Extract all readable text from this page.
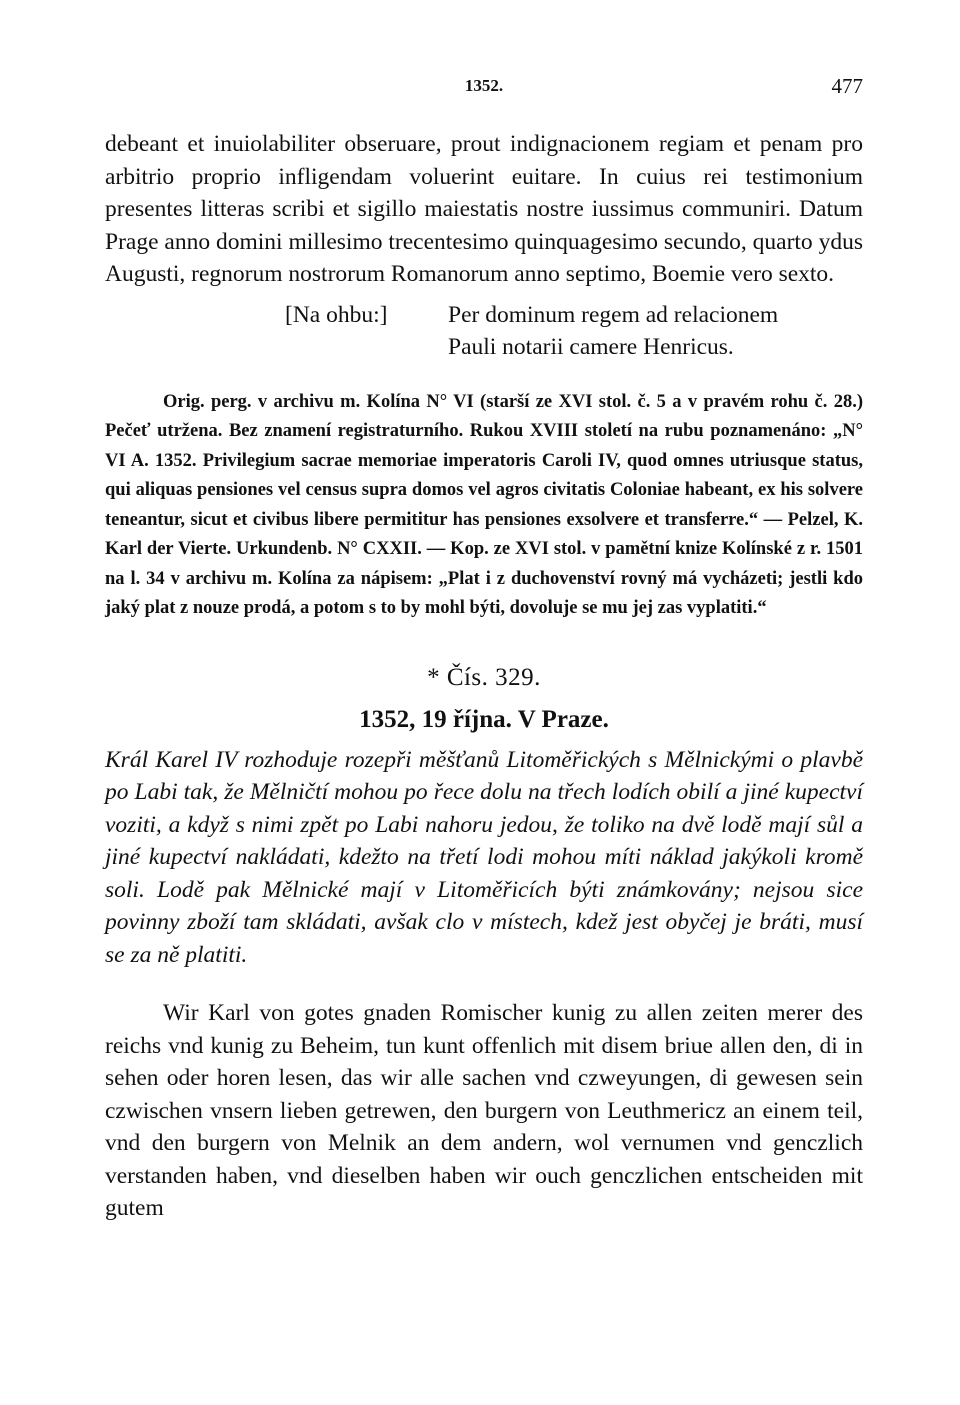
1352.	477

debeant et inuiolabiliter obseruare, prout indignacionem regiam et penam pro arbitrio proprio infligendam voluerint euitare. In cuius rei testimonium presentes litteras scribi et sigillo maiestatis nostre iussimus communiri. Datum Prage anno domini millesimo trecentesimo quinquagesimo secundo, quarto ydus Augusti, regnorum nostrorum Romanorum anno septimo, Boemie vero sexto.

[Na ohbu:]	Per dominum regem ad relacionem
Pauli notarii camere Henricus.

Orig. perg. v archivu m. Kolína N° VI (starší ze XVI stol. č. 5 a v pravém rohu č. 28.) Pečeť utržena. Bez znamení registraturního. Rukou XVIII století na rubu poznamenáno: „N° VI A. 1352. Privilegium sacrae memoriae imperatoris Caroli IV, quod omnes utriusque status, qui aliquas pensiones vel census supra domos vel agros civitatis Coloniae habeant, ex his solvere teneantur, sicut et civibus libere permititur has pensiones exsolvere et transferre.“ — Pelzel, K. Karl der Vierte. Urkundenb. N° CXXII. — Kop. ze XVI stol. v pamětní knize Kolínské z r. 1501 na l. 34 v archivu m. Kolína za nápisem: „Plat i z duchovenství rovný má vycházeti; jestli kdo jaký plat z nouze prodá, a potom s to by mohl býti, dovoluje se mu jej zas vyplatiti.“

* Čís. 329.
1352, 19 října. V Praze.

Král Karel IV rozhoduje rozepři měšťanů Litoměřických s Mělnickými o plavbě po Labi tak, že Mělničtí mohou po řece dolu na třech lodích obilí a jiné kupectví voziti, a když s nimi zpět po Labi nahoru jedou, že toliko na dvě lodě mají sůl a jiné kupectví nakládati, kdežto na třetí lodi mohou míti náklad jakýkoli kromě soli. Lodě pak Mělnické mají v Litoměřicích býti známkovány; nejsou sice povinny zboží tam skládati, avšak clo v místech, kdež jest obyčej je bráti, musí se za ně platiti.

Wir Karl von gotes gnaden Romischer kunig zu allen zeiten merer des reichs vnd kunig zu Beheim, tun kunt offenlich mit disem briue allen den, di in sehen oder horen lesen, das wir alle sachen vnd czweyungen, di gewesen sein czwischen vnsern lieben getrewen, den burgern von Leuthmericz an einem teil, vnd den burgern von Melnik an dem andern, wol vernumen vnd genczlich verstanden haben, vnd dieselben haben wir ouch genczlichen entscheiden mit gutem
